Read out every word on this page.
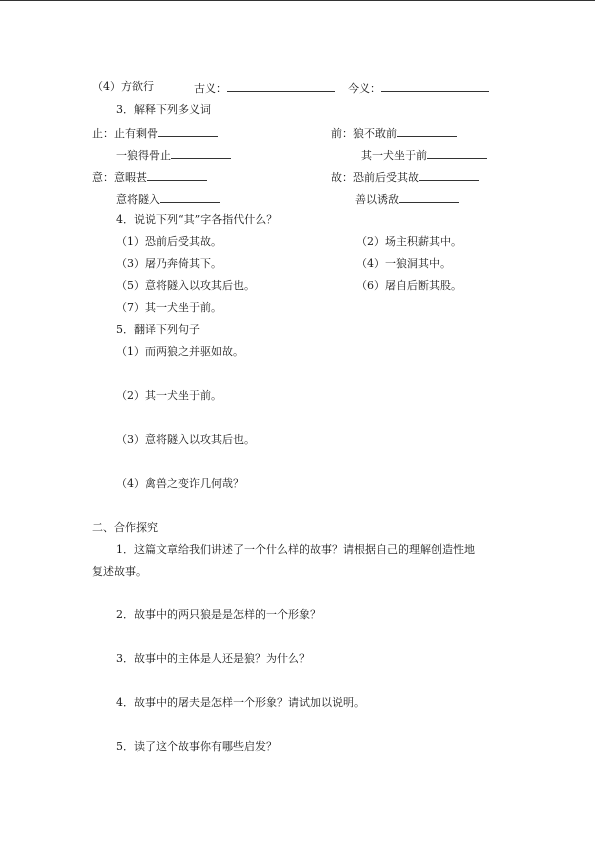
（4）方欲行	古义：	今义：
3．解释下列多义词
止：止有剩骨	前：狼不敢前
一狼得骨止	其一犬坐于前
意：意暇甚	故：恐前后受其故
意将隧入	善以诱敌
4．说说下列“其”字各指代什么？
（1）恐前后受其故。	（2）场主积薪其中。
（3）屠乃奔倚其下。	（4）一狼洞其中。
（5）意将隧入以攻其后也。	（6）屠自后断其股。
（7）其一犬坐于前。
5．翻译下列句子
（1）而两狼之并驱如故。
（2）其一犬坐于前。
（3）意将隧入以攻其后也。
（4）禽兽之变诈几何哉？
二、合作探究
1．这篇文章给我们讲述了一个什么样的故事？请根据自己的理解创造性地
复述故事。
2．故事中的两只狼是是怎样的一个形象？
3．故事中的主体是人还是狼？为什么？
4．故事中的屠夫是怎样一个形象？请试加以说明。
5．读了这个故事你有哪些启发？
